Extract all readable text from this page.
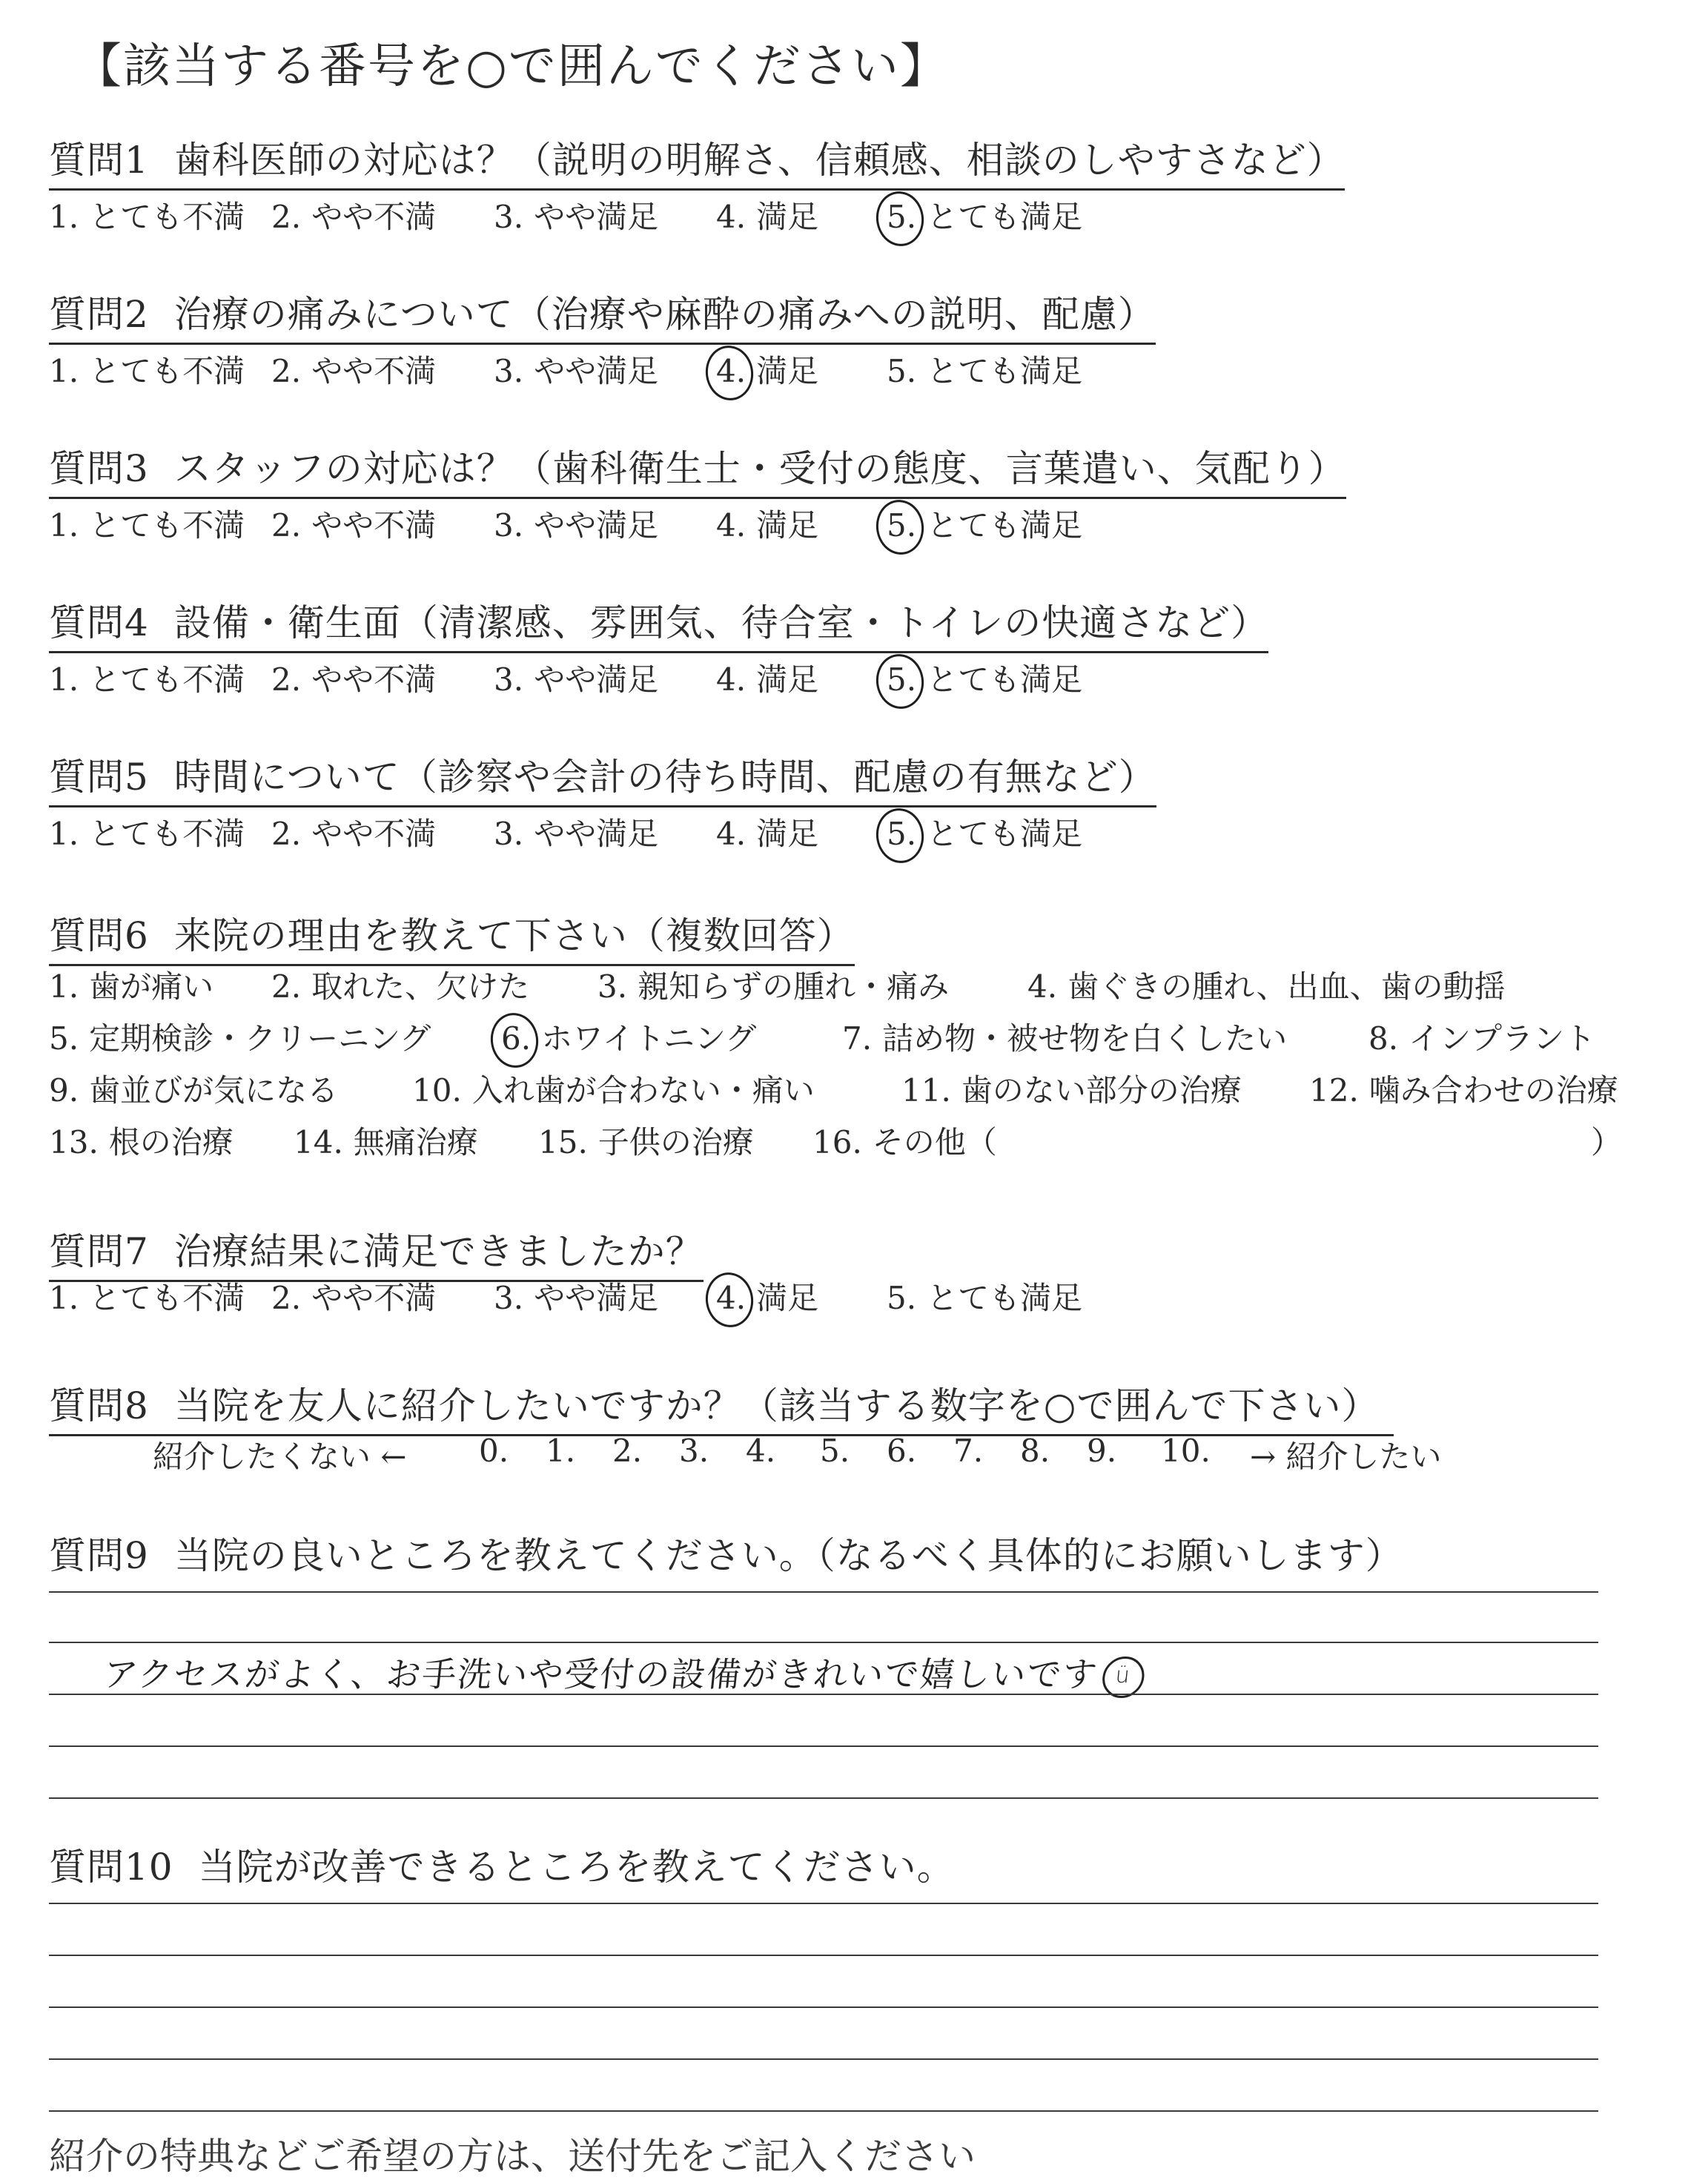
【該当する番号を○で囲んでください】
質問1 歯科医師の対応は？（説明の明解さ、信頼感、相談のしやすさなど）
1. とても不満 2. やや不満 3. やや満足 4. 満足 5. とても満足
質問2 治療の痛みについて（治療や麻酔の痛みへの説明、配慮）
1. とても不満 2. やや不満 3. やや満足 4. 満足 5. とても満足
質問3 スタッフの対応は？（歯科衛生士・受付の態度、言葉遣い、気配り）
1. とても不満 2. やや不満 3. やや満足 4. 満足 5. とても満足
質問4 設備・衛生面（清潔感、雰囲気、待合室・トイレの快適さなど）
1. とても不満 2. やや不満 3. やや満足 4. 満足 5. とても満足
質問5 時間について（診察や会計の待ち時間、配慮の有無など）
1. とても不満 2. やや不満 3. やや満足 4. 満足 5. とても満足
質問6 来院の理由を教えて下さい（複数回答）
1. 歯が痛い 2. 取れた、欠けた 3. 親知らずの腫れ・痛み	4. 歯ぐきの腫れ、出血、歯の動揺
5. 定期検診・クリーニング 6. ホワイトニング	7. 詰め物・被せ物を白くしたい	8. インプラント
9. 歯並びが気になる 10. 入れ歯が合わない・痛い	11. 歯のない部分の治療 12. 噛み合わせの治療
13. 根の治療 14. 無痛治療 15. 子供の治療 16. その他（	）
質問7 治療結果に満足できましたか？
1. とても不満 2. やや不満 3. やや満足 4. 満足 5. とても満足
質問8 当院を友人に紹介したいですか？（該当する数字を○で囲んで下さい）
紹介したくない ← 0. 1. 2. 3. 4. 5. 6. 7. 8. 9. 10. → 紹介したい
質問9 当院の良いところを教えてください。（なるべく具体的にお願いします）
アクセスがよく、お手洗いや受付の設備がきれいで嬉しいです ü
質問10 当院が改善できるところを教えてください。
紹介の特典などご希望の方は、送付先をご記入ください
